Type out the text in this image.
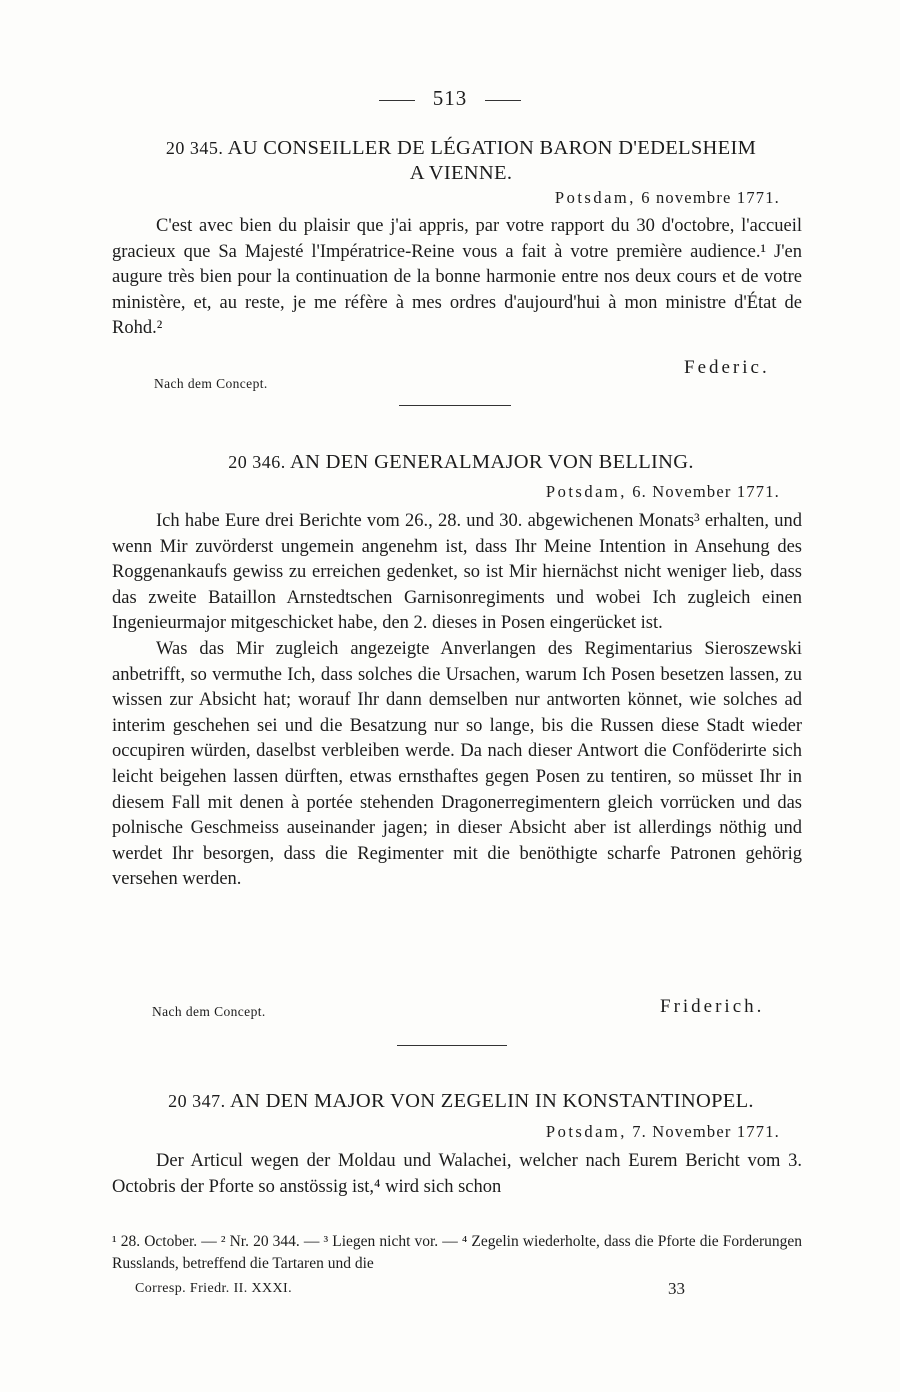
513
20 345. AU CONSEILLER DE LÉGATION BARON D'EDELSHEIM
A VIENNE.
Potsdam, 6 novembre 1771.

C'est avec bien du plaisir que j'ai appris, par votre rapport du 30 d'octobre, l'accueil gracieux que Sa Majesté l'Impératrice-Reine vous a fait à votre première audience.¹ J'en augure très bien pour la continuation de la bonne harmonie entre nos deux cours et de votre ministère, et, au reste, je me réfère à mes ordres d'aujourd'hui à mon ministre d'État de Rohd.²

Federic.
Nach dem Concept.
20 346. AN DEN GENERALMAJOR VON BELLING.
Potsdam, 6. November 1771.

Ich habe Eure drei Berichte vom 26., 28. und 30. abgewichenen Monats³ erhalten, und wenn Mir zuvörderst ungemein angenehm ist, dass Ihr Meine Intention in Ansehung des Roggenankaufs gewiss zu erreichen gedenket, so ist Mir hiernächst nicht weniger lieb, dass das zweite Bataillon Arnstedtschen Garnisonregiments und wobei Ich zugleich einen Ingenieurmajor mitgeschicket habe, den 2. dieses in Posen eingerücket ist.

Was das Mir zugleich angezeigte Anverlangen des Regimentarius Sieroszewski anbetrifft, so vermuthe Ich, dass solches die Ursachen, warum Ich Posen besetzen lassen, zu wissen zur Absicht hat; worauf Ihr dann demselben nur antworten könnet, wie solches ad interim geschehen sei und die Besatzung nur so lange, bis die Russen diese Stadt wieder occupiren würden, daselbst verbleiben werde. Da nach dieser Antwort die Conföderirte sich leicht beigehen lassen dürften, etwas ernsthaftes gegen Posen zu tentiren, so müsset Ihr in diesem Fall mit denen à portée stehenden Dragonerregimentern gleich vorrücken und das polnische Geschmeiss auseinander jagen; in dieser Absicht aber ist allerdings nöthig und werdet Ihr besorgen, dass die Regimenter mit die benöthigte scharfe Patronen gehörig versehen werden.

Friderich.
Nach dem Concept.
20 347. AN DEN MAJOR VON ZEGELIN IN KONSTANTINOPEL.
Potsdam, 7. November 1771.

Der Articul wegen der Moldau und Walachei, welcher nach Eurem Bericht vom 3. Octobris der Pforte so anstössig ist,⁴ wird sich schon

¹ 28. October. — ² Nr. 20 344. — ³ Liegen nicht vor. — ⁴ Zegelin wiederholte, dass die Pforte die Forderungen Russlands, betreffend die Tartaren und die

Corresp. Friedr. II. XXXI.	33
